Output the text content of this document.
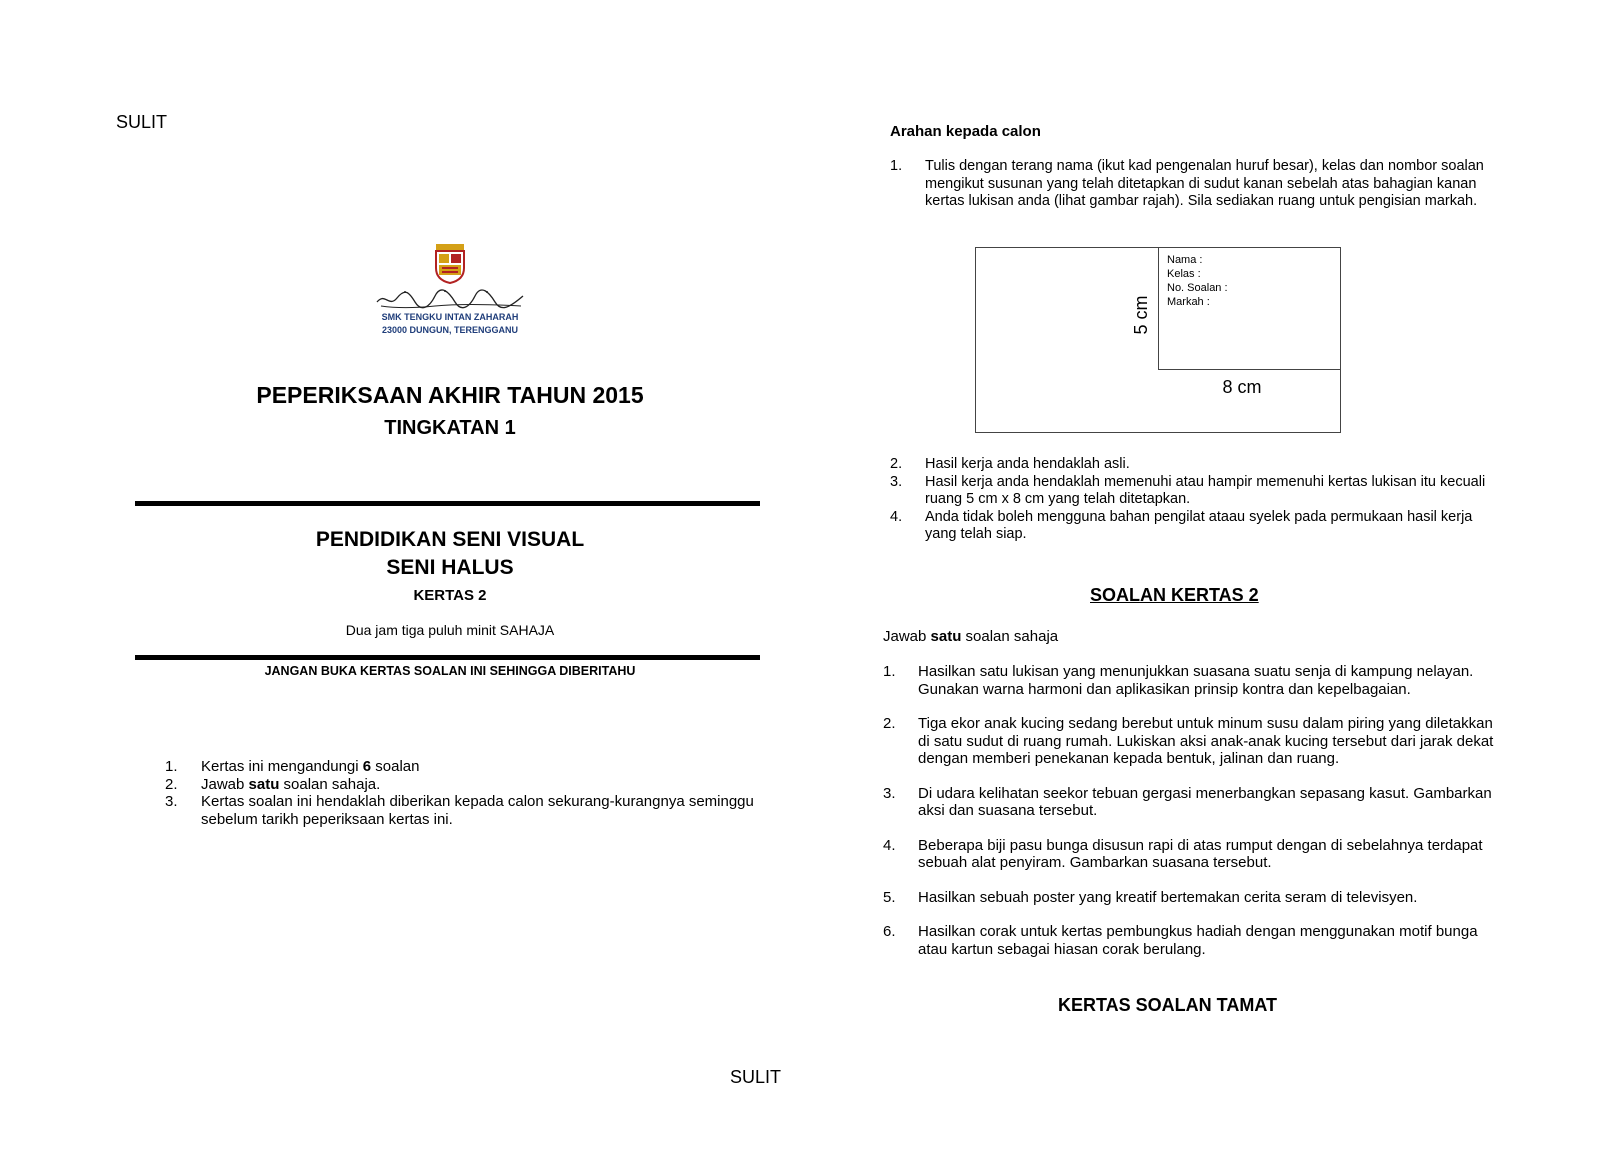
SULIT
SMK TENGKU INTAN ZAHARAH
23000 DUNGUN, TERENGGANU
PEPERIKSAAN AKHIR TAHUN 2015
TINGKATAN 1
PENDIDIKAN SENI VISUAL
SENI HALUS
KERTAS 2
Dua jam tiga puluh minit SAHAJA
JANGAN BUKA KERTAS SOALAN INI SEHINGGA DIBERITAHU
1.	Kertas ini mengandungi 6 soalan
2.	Jawab satu soalan sahaja.
3.	Kertas soalan ini hendaklah diberikan kepada calon sekurang-kurangnya seminggu sebelum tarikh peperiksaan kertas ini.
Arahan kepada calon
1.	Tulis dengan terang nama (ikut kad pengenalan huruf besar), kelas dan nombor soalan mengikut susunan yang telah ditetapkan di sudut kanan sebelah atas bahagian kanan kertas lukisan anda (lihat gambar rajah). Sila sediakan ruang untuk pengisian markah.
Nama :
Kelas :
No. Soalan :
Markah :
5 cm
8 cm
2.	Hasil kerja anda hendaklah asli.
3.	Hasil kerja anda hendaklah memenuhi atau hampir memenuhi kertas lukisan itu kecuali ruang 5 cm x 8 cm yang telah ditetapkan.
4.	Anda tidak boleh mengguna bahan pengilat ataau syelek pada permukaan hasil kerja yang telah siap.
SOALAN KERTAS 2
Jawab satu soalan sahaja
1.	Hasilkan satu lukisan yang menunjukkan suasana suatu senja di kampung nelayan. Gunakan warna harmoni dan aplikasikan prinsip kontra dan kepelbagaian.
2.	Tiga ekor anak kucing sedang berebut untuk minum susu dalam piring yang diletakkan di satu sudut di ruang rumah. Lukiskan aksi anak-anak kucing tersebut dari jarak dekat dengan memberi penekanan kepada bentuk, jalinan dan ruang.
3.	Di udara kelihatan seekor tebuan gergasi menerbangkan sepasang kasut. Gambarkan aksi dan suasana tersebut.
4.	Beberapa biji pasu bunga disusun rapi di atas rumput dengan di sebelahnya terdapat sebuah alat penyiram. Gambarkan suasana tersebut.
5.	Hasilkan sebuah poster yang kreatif bertemakan cerita seram di televisyen.
6.	Hasilkan corak untuk kertas pembungkus hadiah dengan menggunakan motif bunga atau kartun sebagai hiasan corak berulang.
KERTAS SOALAN TAMAT
SULIT
